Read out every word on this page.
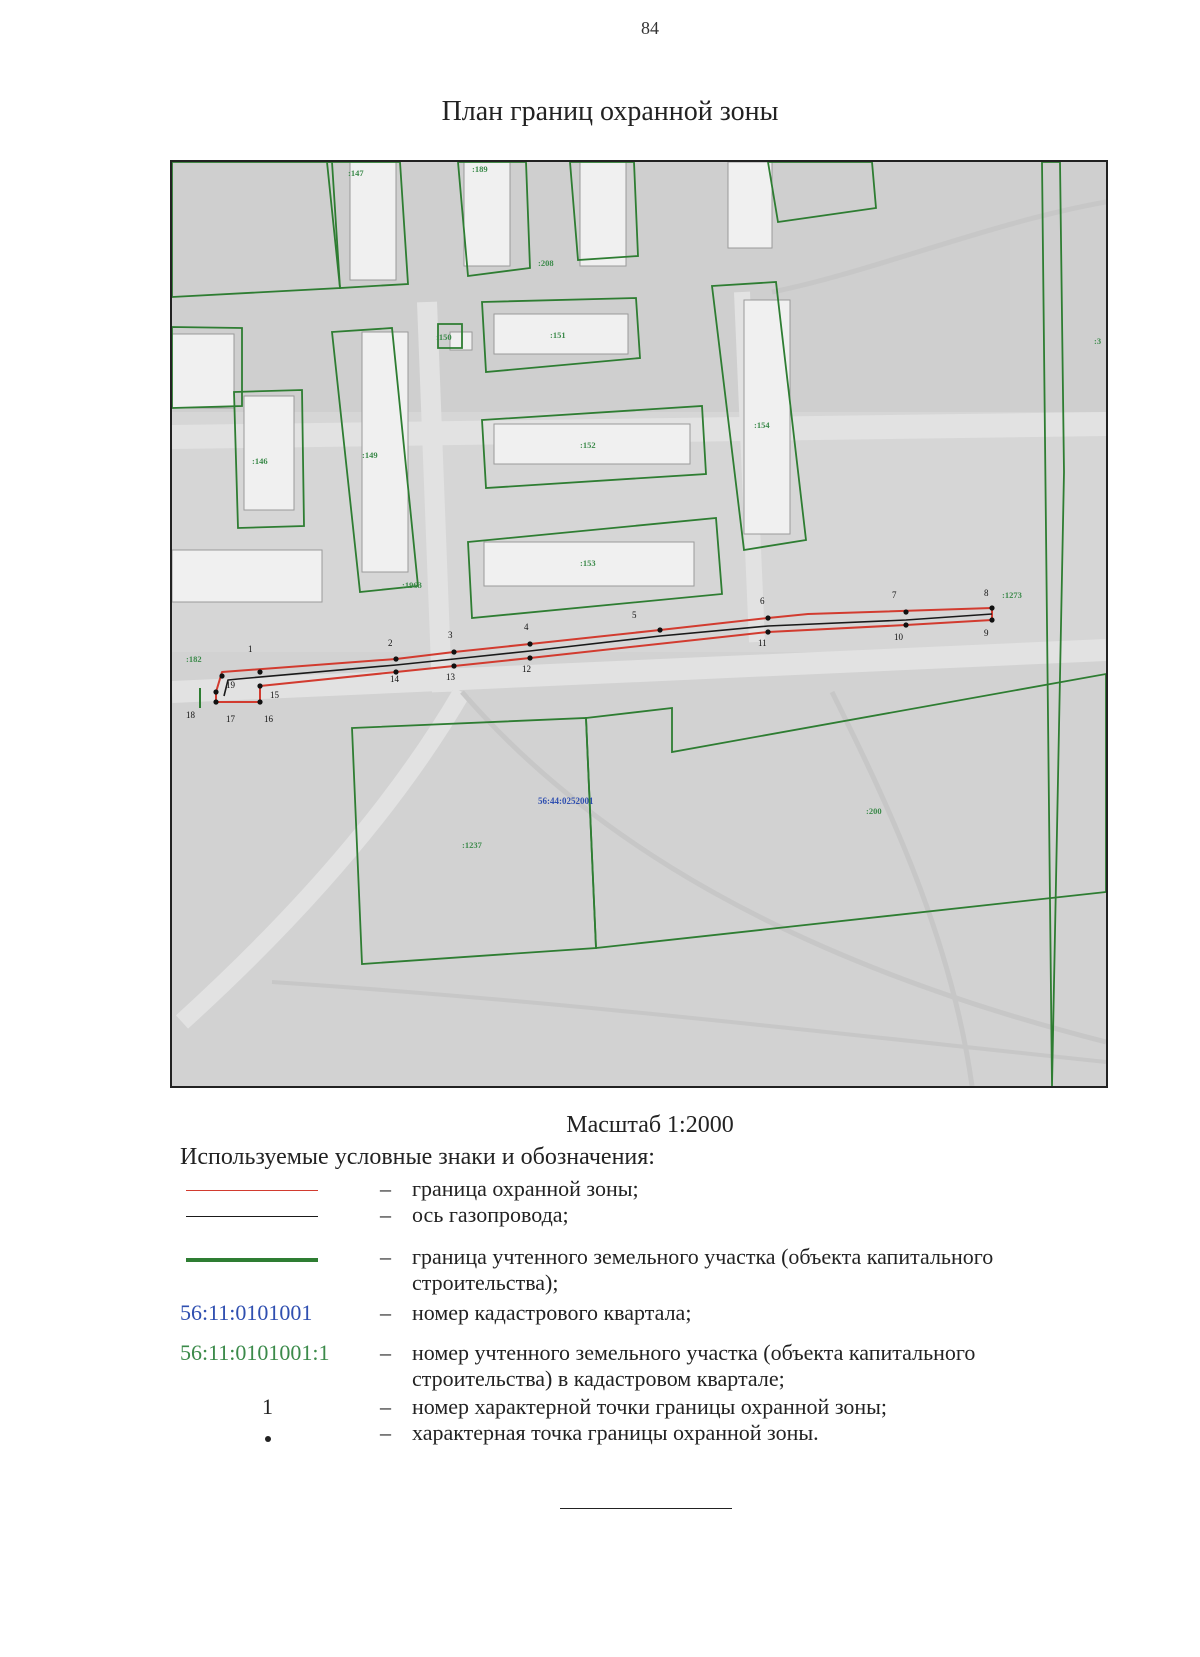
84
План границ охранной зоны
:147	:189
:208
:150	:151
:146
:149
:152
:154
:153
:1963
:1273
:182
:200
:1237
:3
56:44:0252001
1
2
3
4
5
6
7	8
9
10
11
12
13
14
15
16
17
18
19
Масштаб 1:2000
Используемые условные знаки и обозначения:
– граница охранной зоны;
– ось газопровода;
– граница учтенного земельного участка (объекта капитального строительства);
56:11:0101001	– номер кадастрового квартала;
56:11:0101001:1 – номер учтенного земельного участка (объекта капитального строительства) в кадастровом квартале;
1	– номер характерной точки границы охранной зоны;
– характерная точка границы охранной зоны.
